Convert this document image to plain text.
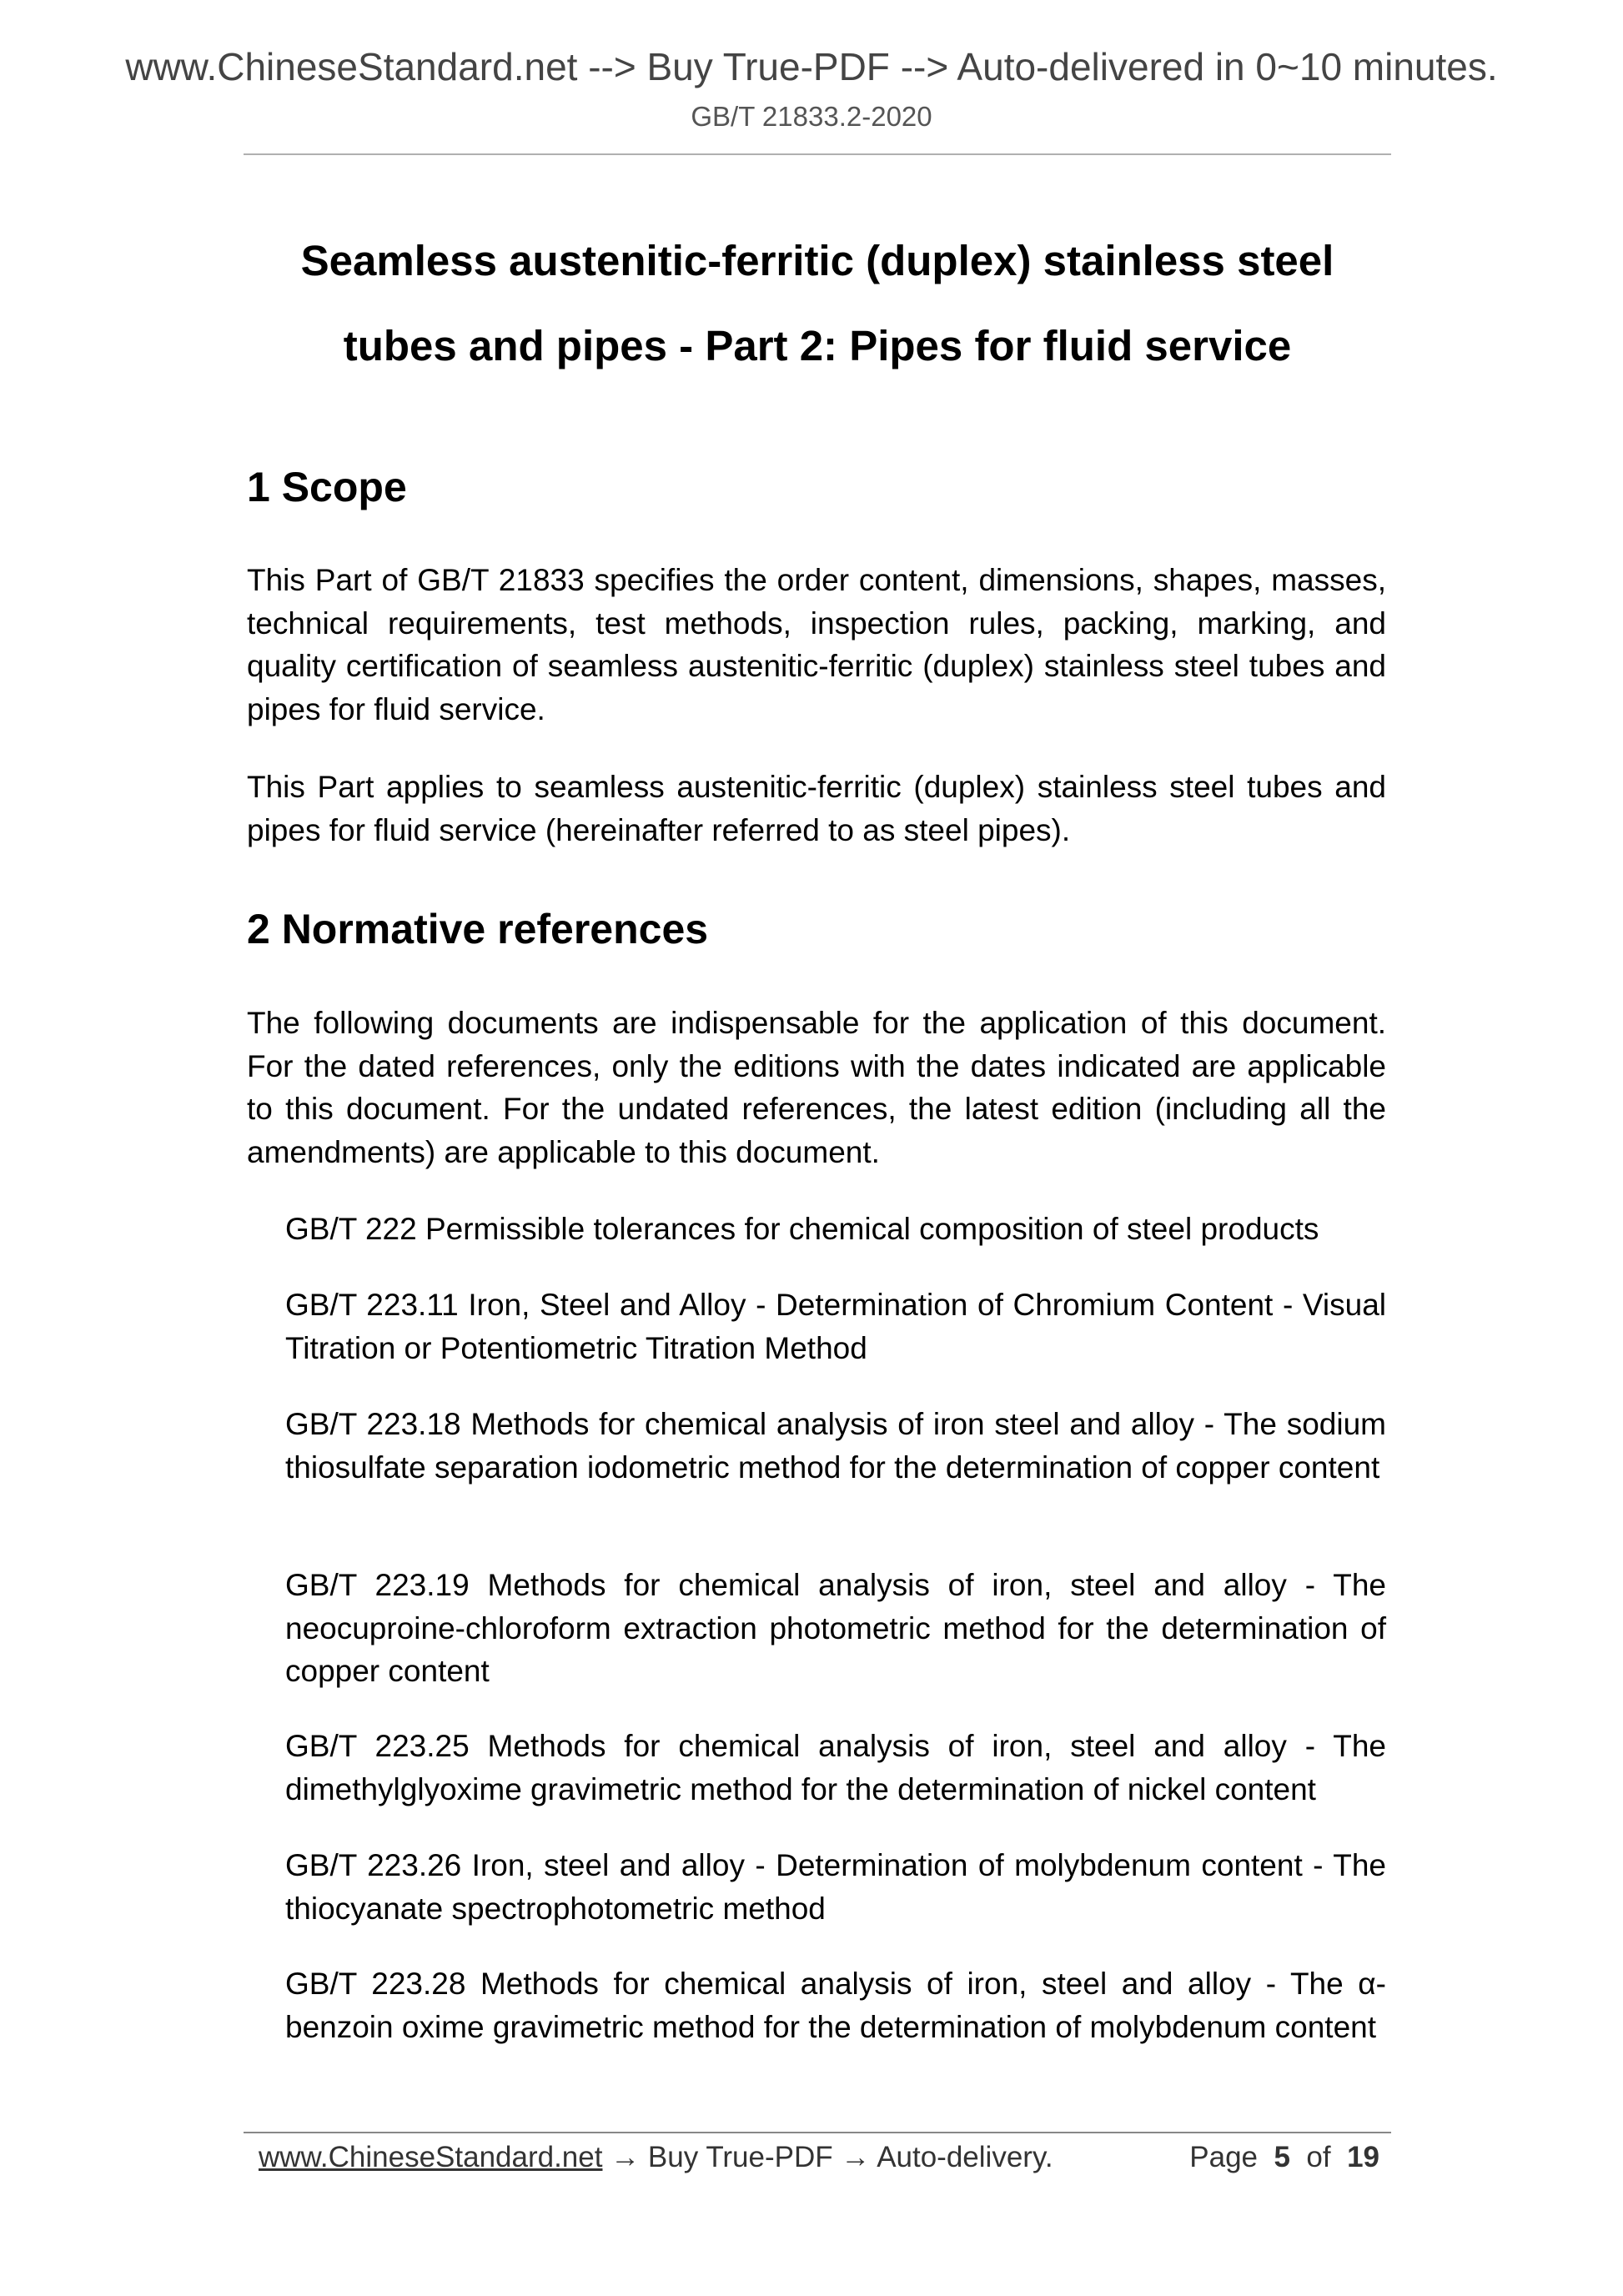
www.ChineseStandard.net --> Buy True-PDF --> Auto-delivered in 0~10 minutes.
GB/T 21833.2-2020
Seamless austenitic-ferritic (duplex) stainless steel
tubes and pipes - Part 2: Pipes for fluid service
1 Scope
This Part of GB/T 21833 specifies the order content, dimensions, shapes, masses, technical requirements, test methods, inspection rules, packing, marking, and quality certification of seamless austenitic-ferritic (duplex) stainless steel tubes and pipes for fluid service.
This Part applies to seamless austenitic-ferritic (duplex) stainless steel tubes and pipes for fluid service (hereinafter referred to as steel pipes).
2 Normative references
The following documents are indispensable for the application of this document. For the dated references, only the editions with the dates indicated are applicable to this document. For the undated references, the latest edition (including all the amendments) are applicable to this document.
GB/T 222 Permissible tolerances for chemical composition of steel products
GB/T 223.11 Iron, Steel and Alloy - Determination of Chromium Content - Visual Titration or Potentiometric Titration Method
GB/T 223.18 Methods for chemical analysis of iron steel and alloy - The sodium thiosulfate separation iodometric method for the determination of copper content
GB/T 223.19 Methods for chemical analysis of iron, steel and alloy - The neocuproine-chloroform extraction photometric method for the determination of copper content
GB/T 223.25 Methods for chemical analysis of iron, steel and alloy - The dimethylglyoxime gravimetric method for the determination of nickel content
GB/T 223.26 Iron, steel and alloy - Determination of molybdenum content - The thiocyanate spectrophotometric method
GB/T 223.28 Methods for chemical analysis of iron, steel and alloy - The α-benzoin oxime gravimetric method for the determination of molybdenum content
www.ChineseStandard.net → Buy True-PDF → Auto-delivery.	Page 5 of 19
